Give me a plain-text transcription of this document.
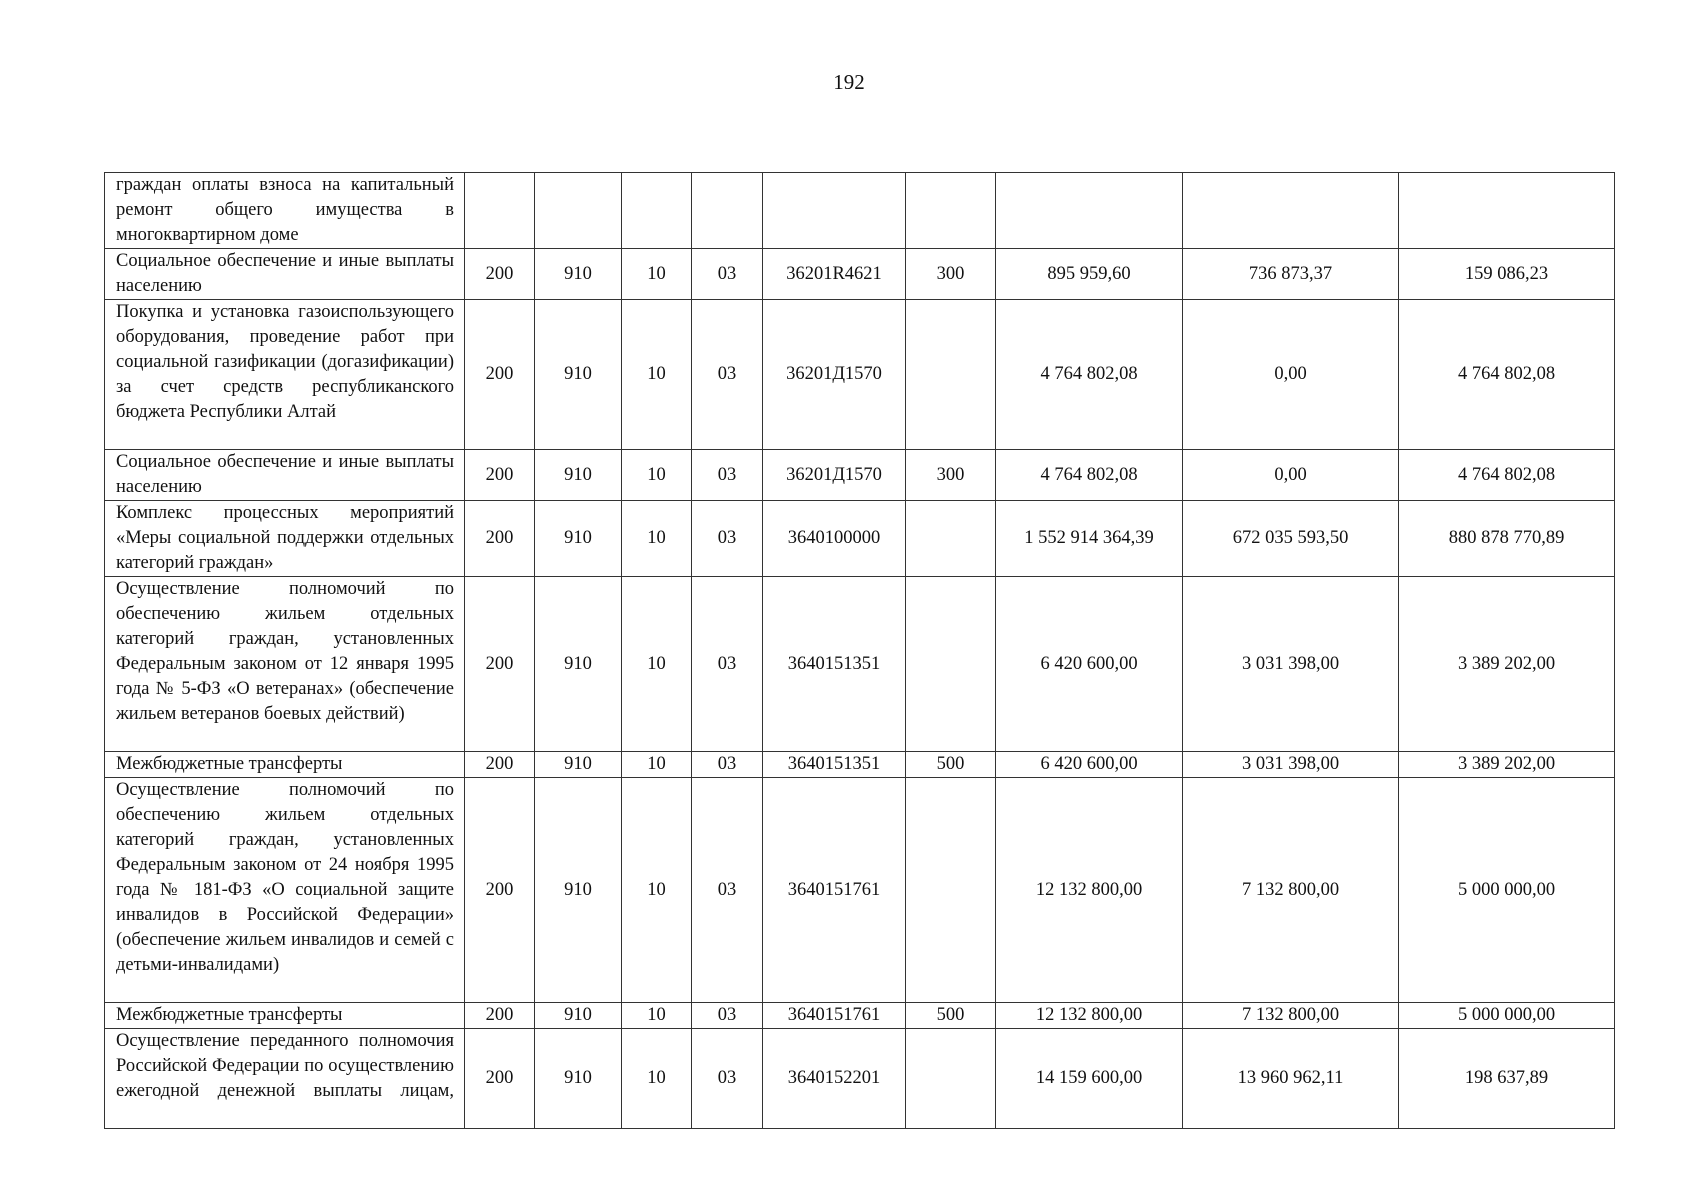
192
граждан оплаты взноса на капитальный ремонт общего имущества в многоквартирном доме									
Социальное обеспечение и иные выплаты населению	200	910	10	03	36201R4621	300	895 959,60	736 873,37	159 086,23
Покупка и установка газоиспользующего оборудования, проведение работ при социальной газификации (догазификации) за счет средств республиканского бюджета Республики Алтай	200	910	10	03	36201Д1570		4 764 802,08	0,00	4 764 802,08
Социальное обеспечение и иные выплаты населению	200	910	10	03	36201Д1570	300	4 764 802,08	0,00	4 764 802,08
Комплекс процессных мероприятий «Меры социальной поддержки отдельных категорий граждан»	200	910	10	03	3640100000		1 552 914 364,39	672 035 593,50	880 878 770,89
Осуществление полномочий по обеспечению жильем отдельных категорий граждан, установленных Федеральным законом от 12 января 1995 года № 5-ФЗ «О ветеранах» (обеспечение жильем ветеранов боевых действий)	200	910	10	03	3640151351		6 420 600,00	3 031 398,00	3 389 202,00
Межбюджетные трансферты	200	910	10	03	3640151351	500	6 420 600,00	3 031 398,00	3 389 202,00
Осуществление полномочий по обеспечению жильем отдельных категорий граждан, установленных Федеральным законом от 24 ноября 1995 года № 181-ФЗ «О социальной защите инвалидов в Российской Федерации» (обеспечение жильем инвалидов и семей с детьми-инвалидами)	200	910	10	03	3640151761		12 132 800,00	7 132 800,00	5 000 000,00
Межбюджетные трансферты	200	910	10	03	3640151761	500	12 132 800,00	7 132 800,00	5 000 000,00
Осуществление переданного полномочия Российской Федерации по осуществлению ежегодной денежной выплаты лицам,	200	910	10	03	3640152201		14 159 600,00	13 960 962,11	198 637,89
